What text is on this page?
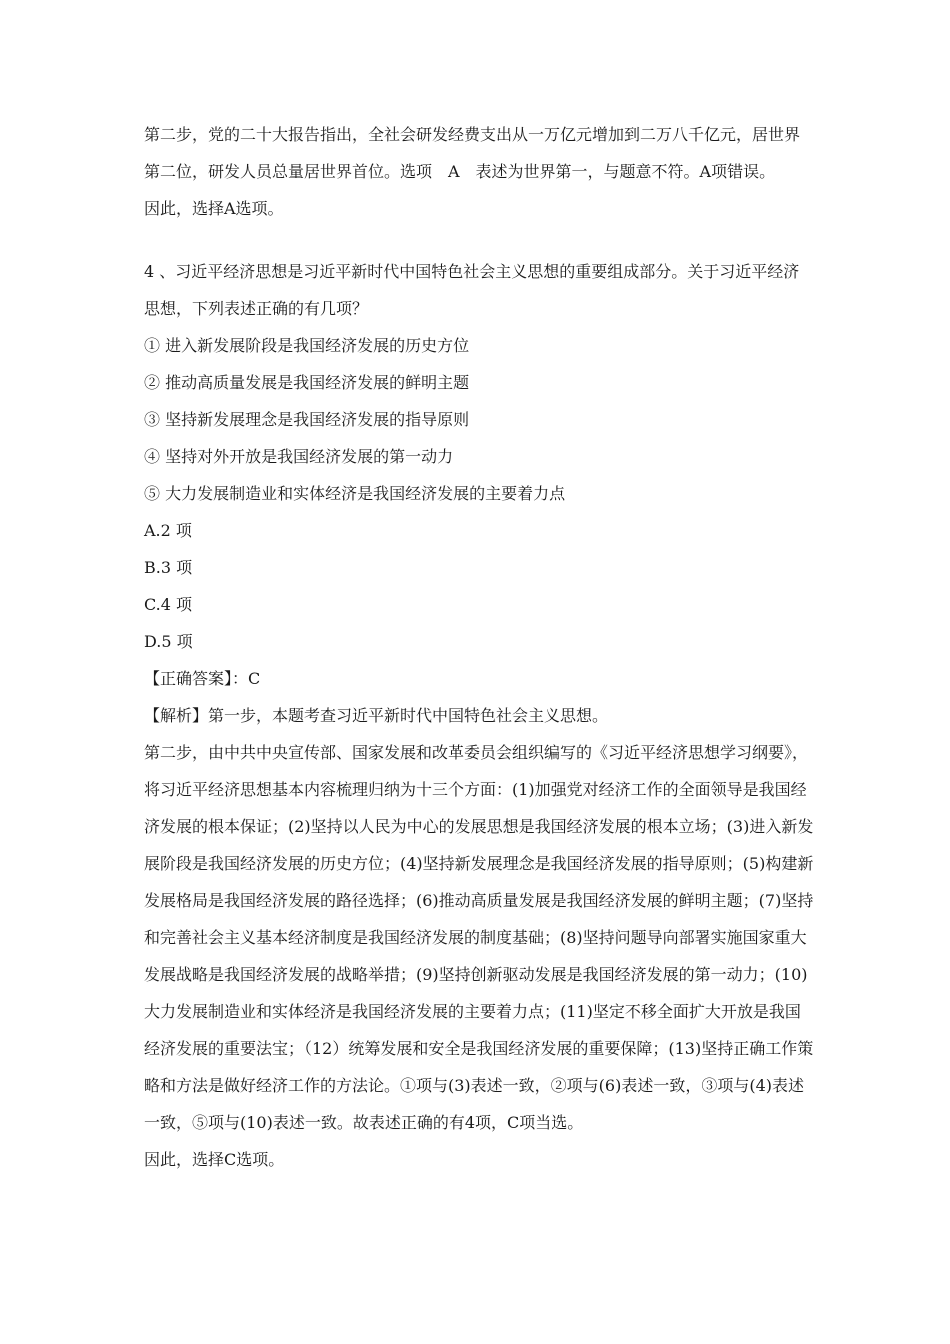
第二步，党的二十大报告指出，全社会研发经费支出从一万亿元增加到二万八千亿元，居世界第二位，研发人员总量居世界首位。选项　A　表述为世界第一，与题意不符。A项错误。

因此，选择A选项。

4 、习近平经济思想是习近平新时代中国特色社会主义思想的重要组成部分。关于习近平经济思想，下列表述正确的有几项？

① 进入新发展阶段是我国经济发展的历史方位

② 推动高质量发展是我国经济发展的鲜明主题

③ 坚持新发展理念是我国经济发展的指导原则

④ 坚持对外开放是我国经济发展的第一动力

⑤ 大力发展制造业和实体经济是我国经济发展的主要着力点

A.2 项

B.3 项

C.4 项

D.5 项

【正确答案】：C

【解析】第一步，本题考查习近平新时代中国特色社会主义思想。

第二步，由中共中央宣传部、国家发展和改革委员会组织编写的《习近平经济思想学习纲要》，将习近平经济思想基本内容梳理归纳为十三个方面：(1)加强党对经济工作的全面领导是我国经济发展的根本保证；(2)坚持以人民为中心的发展思想是我国经济发展的根本立场；(3)进入新发展阶段是我国经济发展的历史方位；(4)坚持新发展理念是我国经济发展的指导原则；(5)构建新发展格局是我国经济发展的路径选择；(6)推动高质量发展是我国经济发展的鲜明主题；(7)坚持和完善社会主义基本经济制度是我国经济发展的制度基础；(8)坚持问题导向部署实施国家重大发展战略是我国经济发展的战略举措；(9)坚持创新驱动发展是我国经济发展的第一动力；(10)大力发展制造业和实体经济是我国经济发展的主要着力点；(11)坚定不移全面扩大开放是我国经济发展的重要法宝；（12）统筹发展和安全是我国经济发展的重要保障；(13)坚持正确工作策略和方法是做好经济工作的方法论。①项与(3)表述一致，②项与(6)表述一致，③项与(4)表述一致，⑤项与(10)表述一致。故表述正确的有4项，C项当选。

因此，选择C选项。
